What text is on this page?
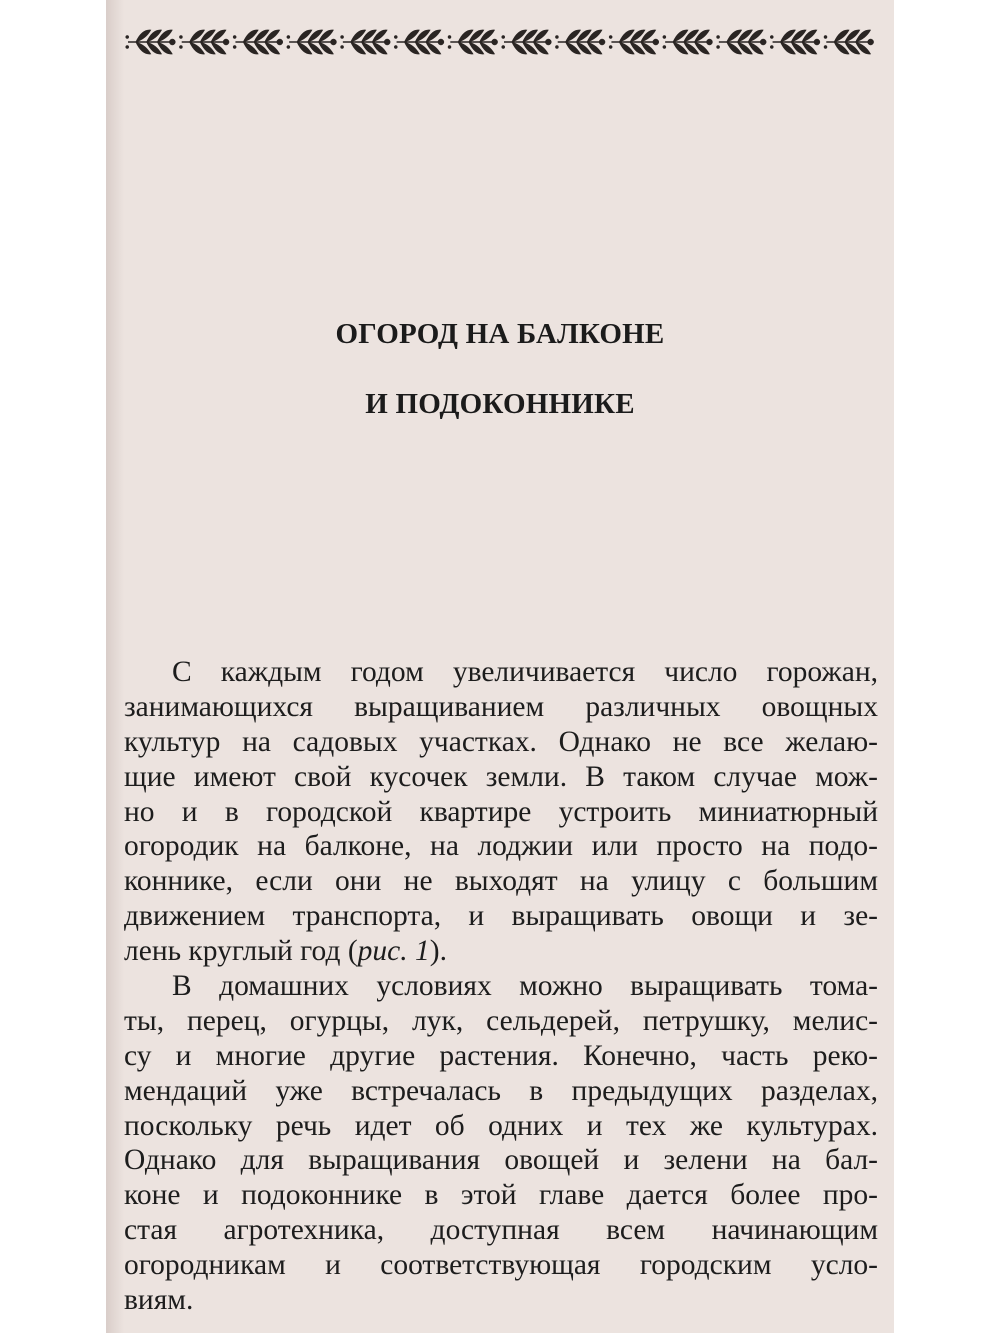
ОГОРОД НА БАЛКОНЕ
И ПОДОКОННИКЕ
С каждым годом увеличивается число горожан,
занимающихся выращиванием различных овощных
культур на садовых участках. Однако не все желаю-
щие имеют свой кусочек земли. В таком случае мож-
но и в городской квартире устроить миниатюрный
огородик на балконе, на лоджии или просто на подо-
коннике, если они не выходят на улицу с большим
движением транспорта, и выращивать овощи и зе-
лень круглый год (рис. 1).
В домашних условиях можно выращивать тома-
ты, перец, огурцы, лук, сельдерей, петрушку, мелис-
су и многие другие растения. Конечно, часть реко-
мендаций уже встречалась в предыдущих разделах,
поскольку речь идет об одних и тех же культурах.
Однако для выращивания овощей и зелени на бал-
коне и подоконнике в этой главе дается более про-
стая агротехника, доступная всем начинающим
огородникам и соответствующая городским усло-
виям.
